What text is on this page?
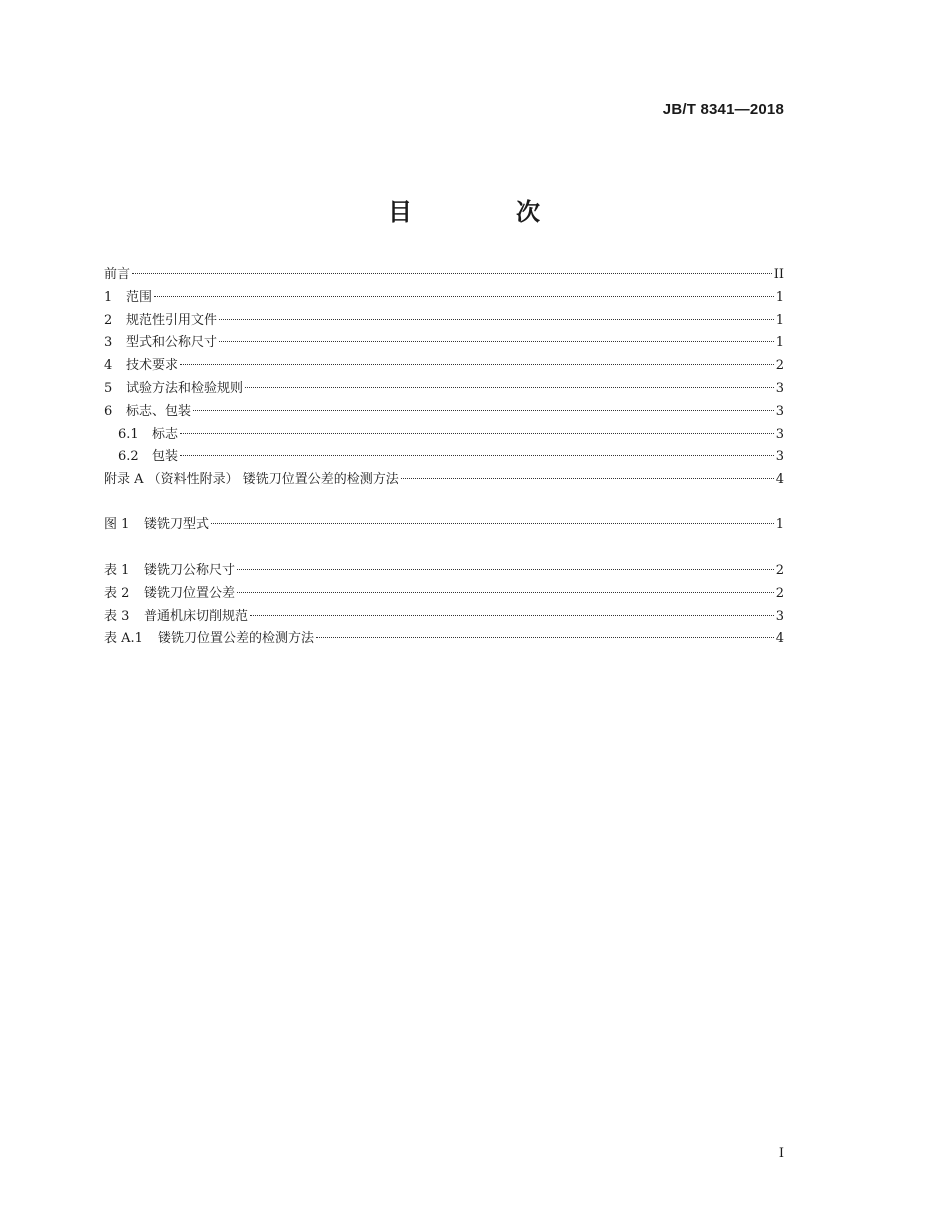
JB/T 8341—2018
目　次
前言	II
1	范围	1
2	规范性引用文件	1
3	型式和公称尺寸	1
4	技术要求	2
5	试验方法和检验规则	3
6	标志、包装	3
6.1	标志	3
6.2	包装	3
附录 A （资料性附录） 镂铣刀位置公差的检测方法	4
图 1	镂铣刀型式	1
表 1	镂铣刀公称尺寸	2
表 2	镂铣刀位置公差	2
表 3	普通机床切削规范	3
表 A.1	镂铣刀位置公差的检测方法	4
I
